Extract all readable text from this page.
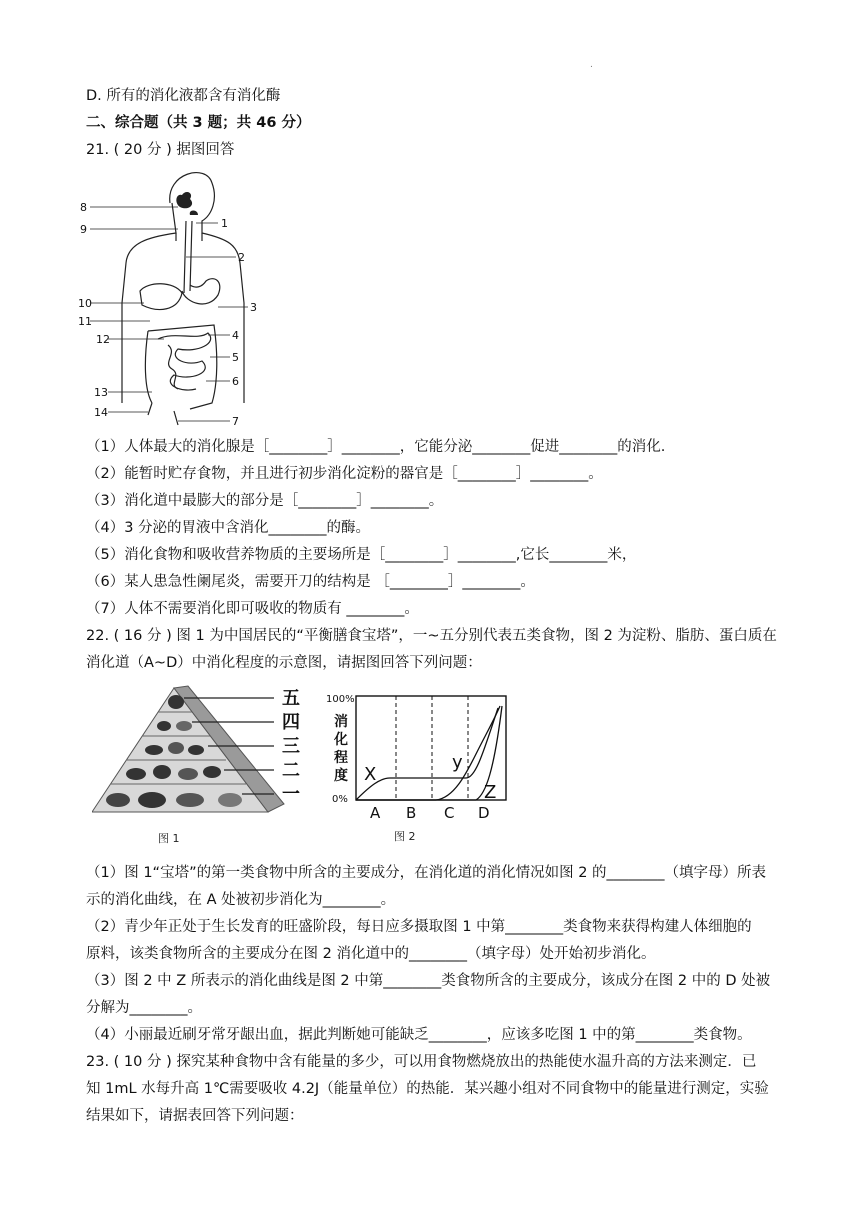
.
D. 所有的消化液都含有消化酶
二、综合题（共 3 题；共 46 分）
21. ( 20 分 ) 据图回答
8
9	1
2
10	3
11
12	4
5
6
13
14
7
（1）人体最大的消化腺是［________］________，它能分泌________促进________的消化.
（2）能暂时贮存食物，并且进行初步消化淀粉的器官是［________］________。
（3）消化道中最膨大的部分是［________］________。
（4）3 分泌的胃液中含消化________的酶。
（5）消化食物和吸收营养物质的主要场所是［________］________,它长________米，
（6）某人患急性阑尾炎，需要开刀的结构是 ［________］________。
（7）人体不需要消化即可吸收的物质有 ________。
22. ( 16 分 ) 图 1 为中国居民的“平衡膳食宝塔”，一~五分别代表五类食物，图 2 为淀粉、脂肪、蛋白质在
消化道（A~D）中消化程度的示意图，请据图回答下列问题：
五
四
三
二
一
图 1
100%
0%
消
化
程
度
A B C D
X
y
Z
图 2
（1）图 1“宝塔”的第一类食物中所含的主要成分，在消化道的消化情况如图 2 的________（填字母）所表
示的消化曲线，在 A 处被初步消化为________。
（2）青少年正处于生长发育的旺盛阶段，每日应多摄取图 1 中第________类食物来获得构建人体细胞的
原料，该类食物所含的主要成分在图 2 消化道中的________（填字母）处开始初步消化。
（3）图 2 中 Z 所表示的消化曲线是图 2 中第________类食物所含的主要成分，该成分在图 2 中的 D 处被
分解为________。
（4）小丽最近刷牙常牙龈出血，据此判断她可能缺乏________，应该多吃图 1 中的第________类食物。
23. ( 10 分 ) 探究某种食物中含有能量的多少，可以用食物燃烧放出的热能使水温升高的方法来测定．已
知 1mL 水每升高 1℃需要吸收 4.2J（能量单位）的热能．某兴趣小组对不同食物中的能量进行测定，实验
结果如下，请据表回答下列问题：
